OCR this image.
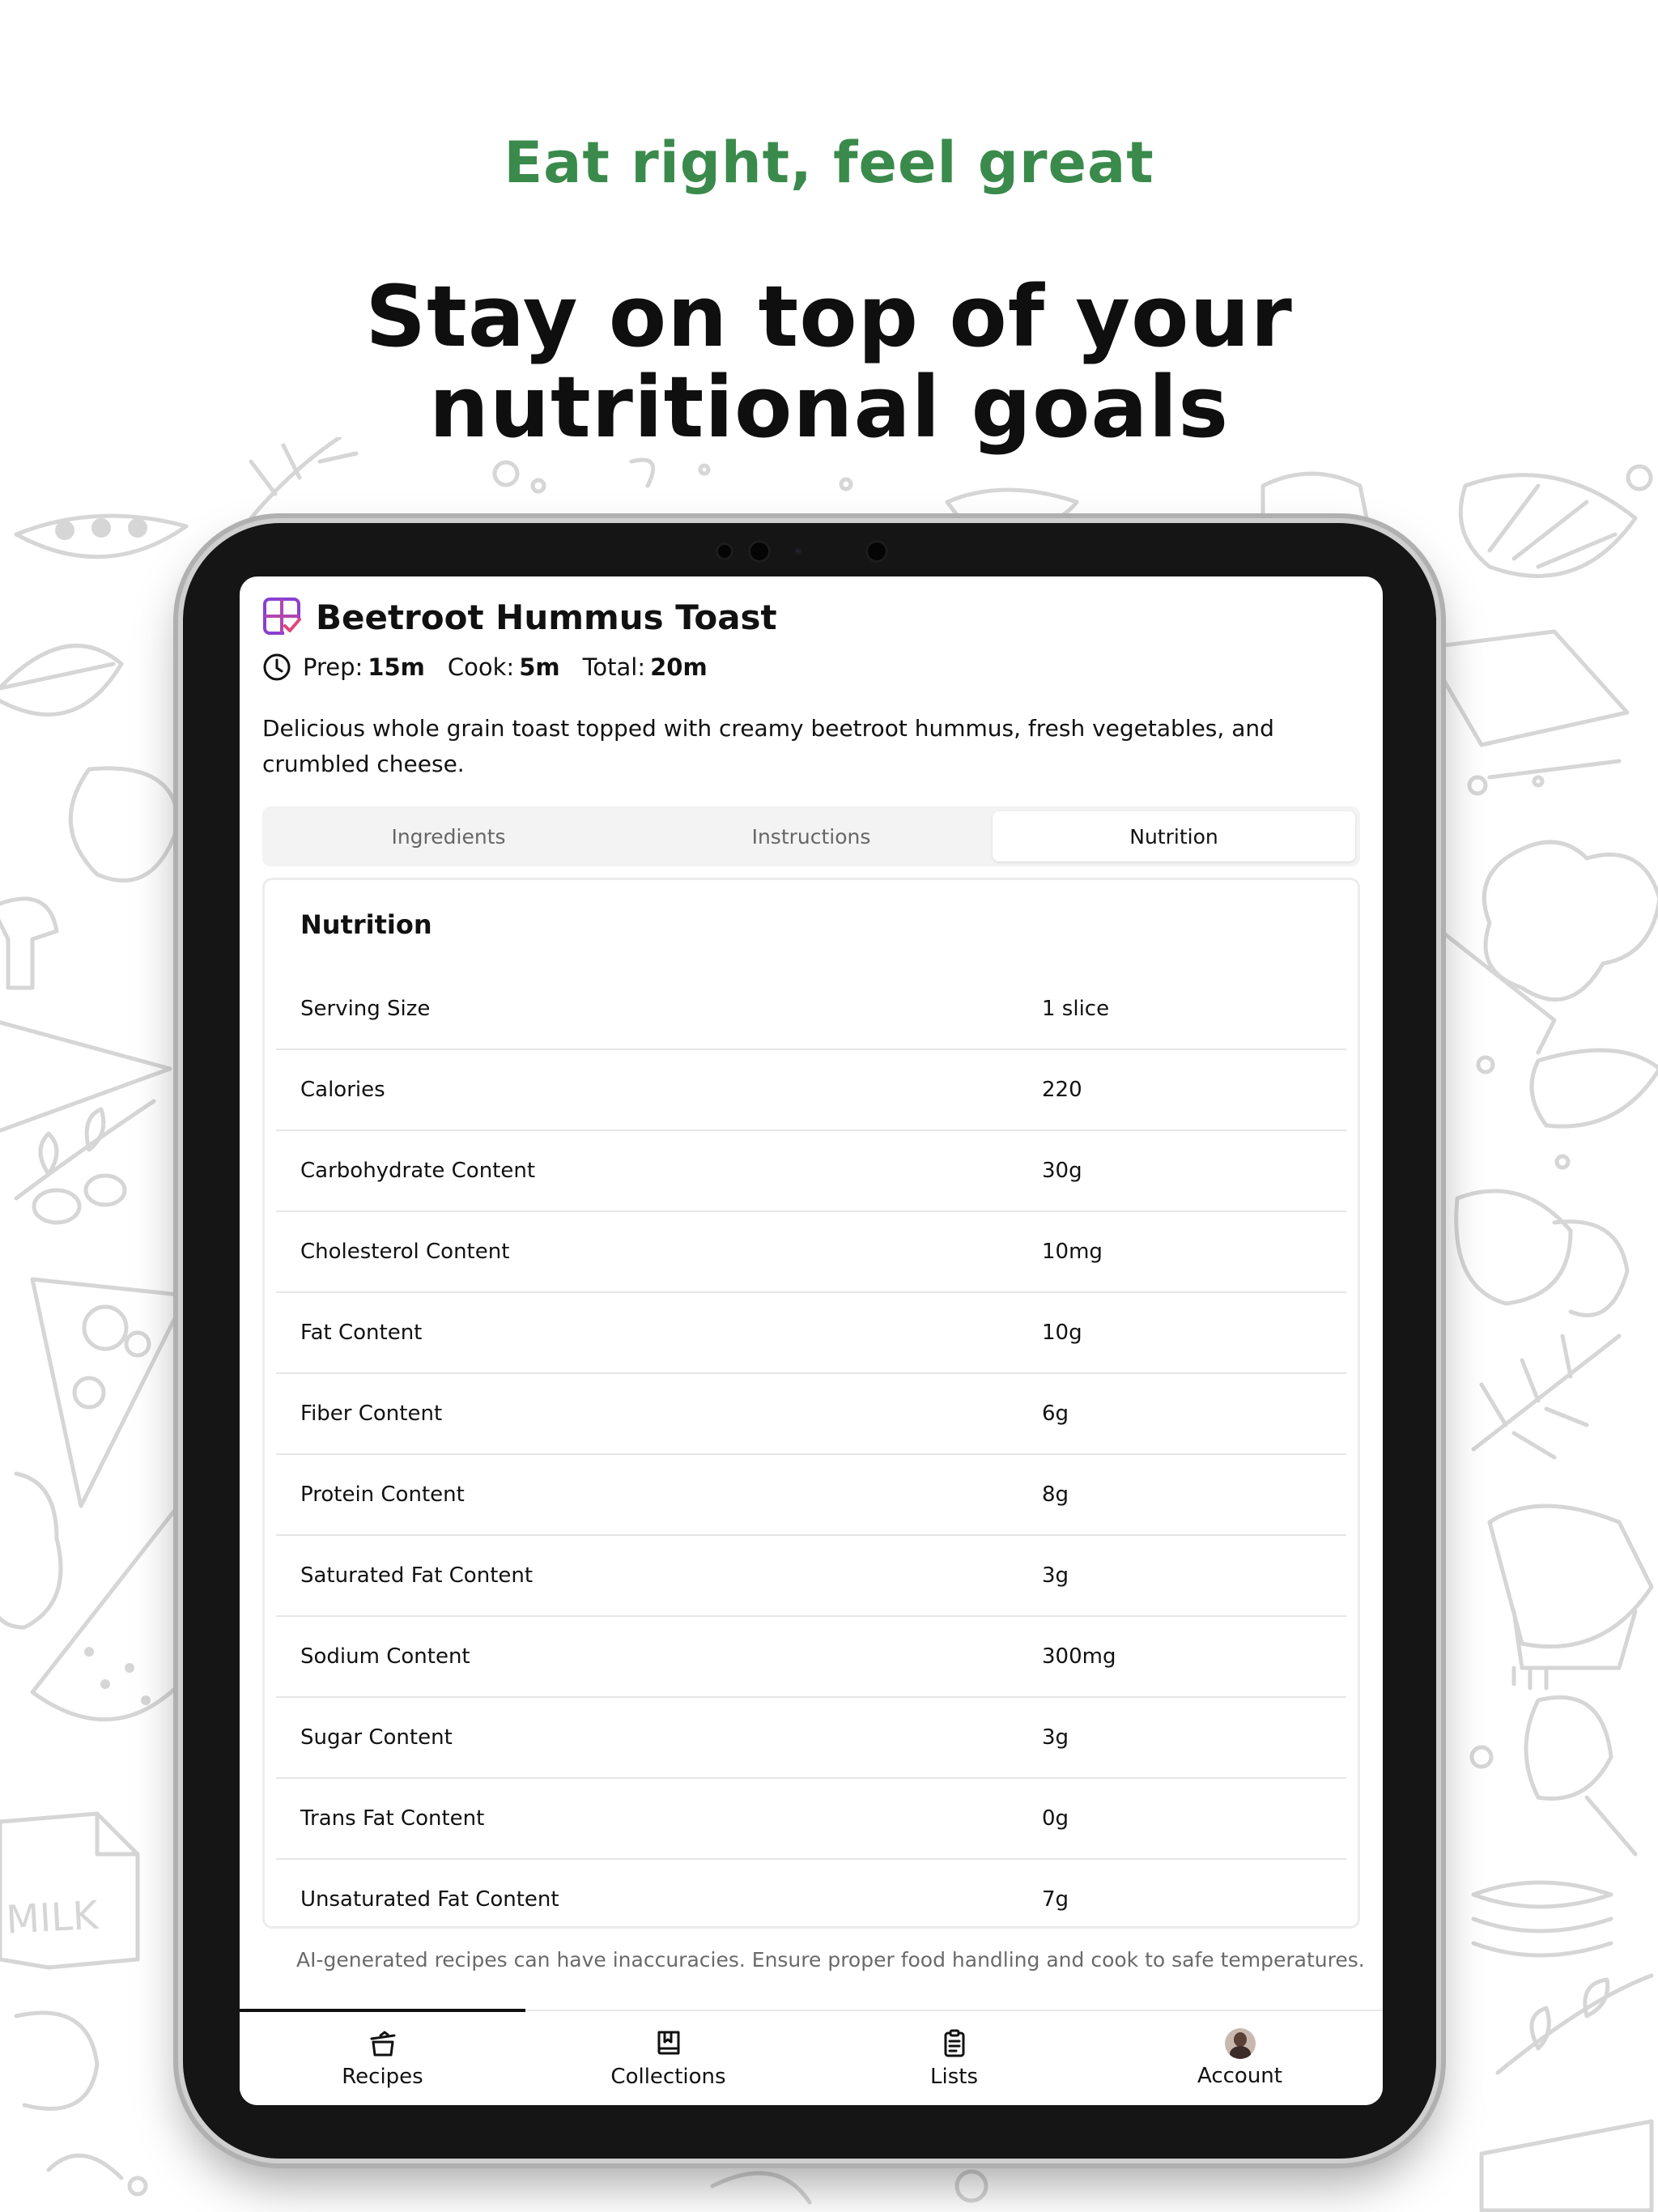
MILK
Eat right, feel great
Stay on top of your
nutritional goals
Beetroot Hummus Toast
Prep: 15m Cook: 5m Total: 20m
Delicious whole grain toast topped with creamy beetroot hummus, fresh vegetables, and crumbled cheese.
Ingredients	Instructions	Nutrition
Nutrition
Serving Size	1 slice
Calories	220
Carbohydrate Content	30g
Cholesterol Content	10mg
Fat Content	10g
Fiber Content	6g
Protein Content	8g
Saturated Fat Content	3g
Sodium Content	300mg
Sugar Content	3g
Trans Fat Content	0g
Unsaturated Fat Content	7g
AI-generated recipes can have inaccuracies. Ensure proper food handling and cook to safe temperatures.
Recipes	Collections	Lists	Account
